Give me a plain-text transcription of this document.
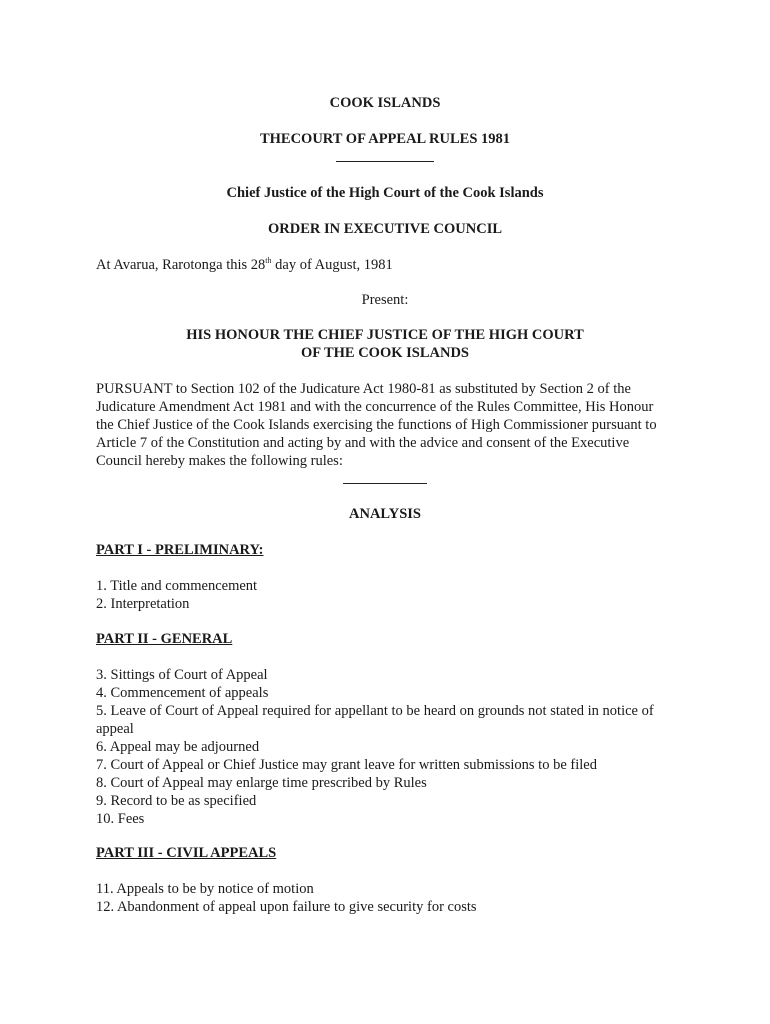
COOK ISLANDS
THECOURT OF APPEAL RULES 1981
Chief Justice of the High Court of the Cook Islands
ORDER IN EXECUTIVE COUNCIL
At Avarua, Rarotonga this 28th day of August, 1981
Present:
HIS HONOUR THE CHIEF JUSTICE OF THE HIGH COURT
OF THE COOK ISLANDS
PURSUANT to Section 102 of the Judicature Act 1980-81 as substituted by Section 2 of the Judicature Amendment Act 1981 and with the concurrence of the Rules Committee, His Honour the Chief Justice of the Cook Islands exercising the functions of High Commissioner pursuant to Article 7 of the Constitution and acting by and with the advice and consent of the Executive Council hereby makes the following rules:
ANALYSIS
PART I - PRELIMINARY:
1. Title and commencement
2. Interpretation
PART II - GENERAL
3. Sittings of Court of Appeal
4. Commencement of appeals
5. Leave of Court of Appeal required for appellant to be heard on grounds not stated in notice of appeal
6. Appeal may be adjourned
7. Court of Appeal or Chief Justice may grant leave for written submissions to be filed
8. Court of Appeal may enlarge time prescribed by Rules
9. Record to be as specified
10. Fees
PART III - CIVIL APPEALS
11. Appeals to be by notice of motion
12. Abandonment of appeal upon failure to give security for costs
